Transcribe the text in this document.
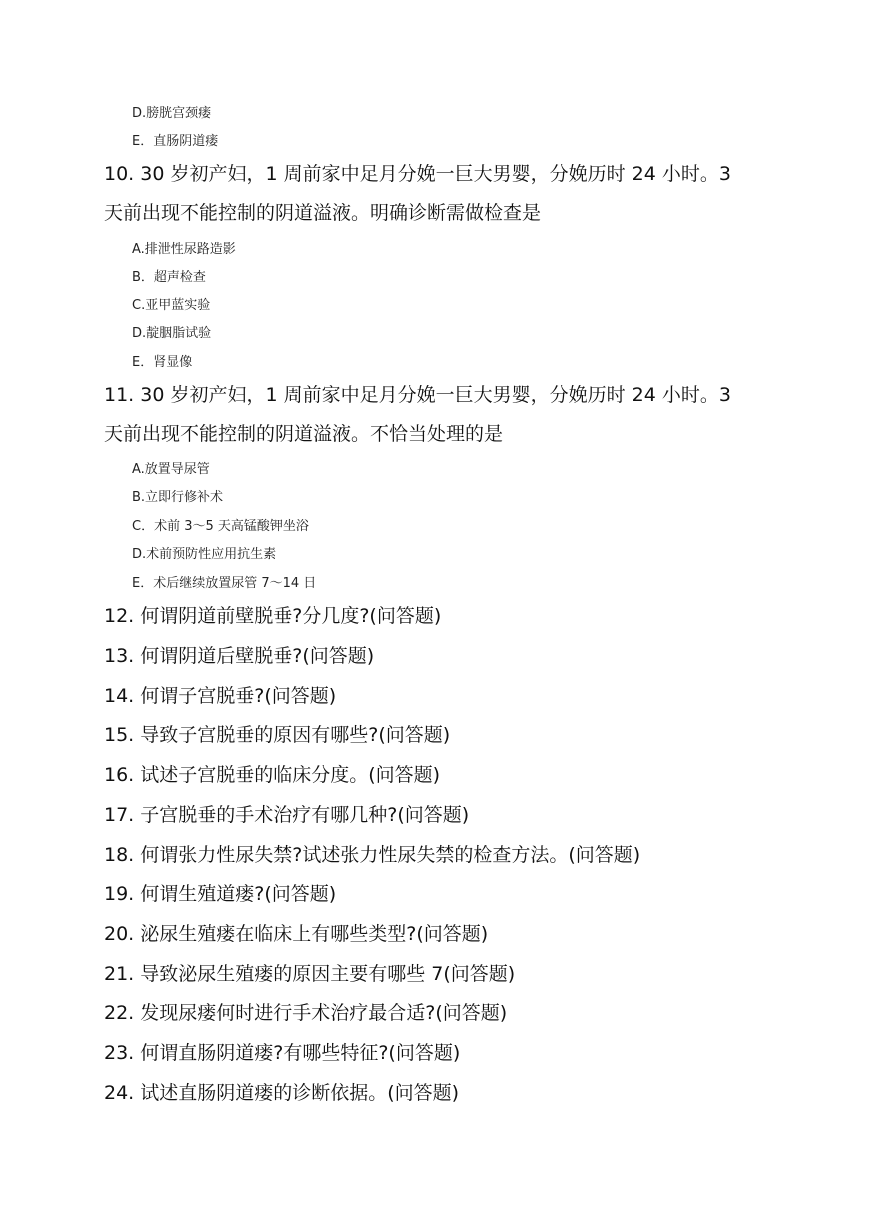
D.膀胱宫颈瘘
E．直肠阴道瘘
10. 30 岁初产妇，1 周前家中足月分娩一巨大男婴，分娩历时 24 小时。3
天前出现不能控制的阴道溢液。明确诊断需做检查是
A.排泄性尿路造影
B．超声检查
C.亚甲蓝实验
D.靛胭脂试验
E．肾显像
11. 30 岁初产妇，1 周前家中足月分娩一巨大男婴，分娩历时 24 小时。3
天前出现不能控制的阴道溢液。不恰当处理的是
A.放置导尿管
B.立即行修补术
C．术前 3～5 天高锰酸钾坐浴
D.术前预防性应用抗生素
E．术后继续放置尿管 7～14 日
12. 何谓阴道前壁脱垂?分几度?(问答题)
13. 何谓阴道后壁脱垂?(问答题)
14. 何谓子宫脱垂?(问答题)
15. 导致子宫脱垂的原因有哪些?(问答题)
16. 试述子宫脱垂的临床分度。(问答题)
17. 子宫脱垂的手术治疗有哪几种?(问答题)
18. 何谓张力性尿失禁?试述张力性尿失禁的检查方法。(问答题)
19. 何谓生殖道瘘?(问答题)
20. 泌尿生殖瘘在临床上有哪些类型?(问答题)
21. 导致泌尿生殖瘘的原因主要有哪些 7(问答题)
22. 发现尿瘘何时进行手术治疗最合适?(问答题)
23. 何谓直肠阴道瘘?有哪些特征?(问答题)
24. 试述直肠阴道瘘的诊断依据。(问答题)
